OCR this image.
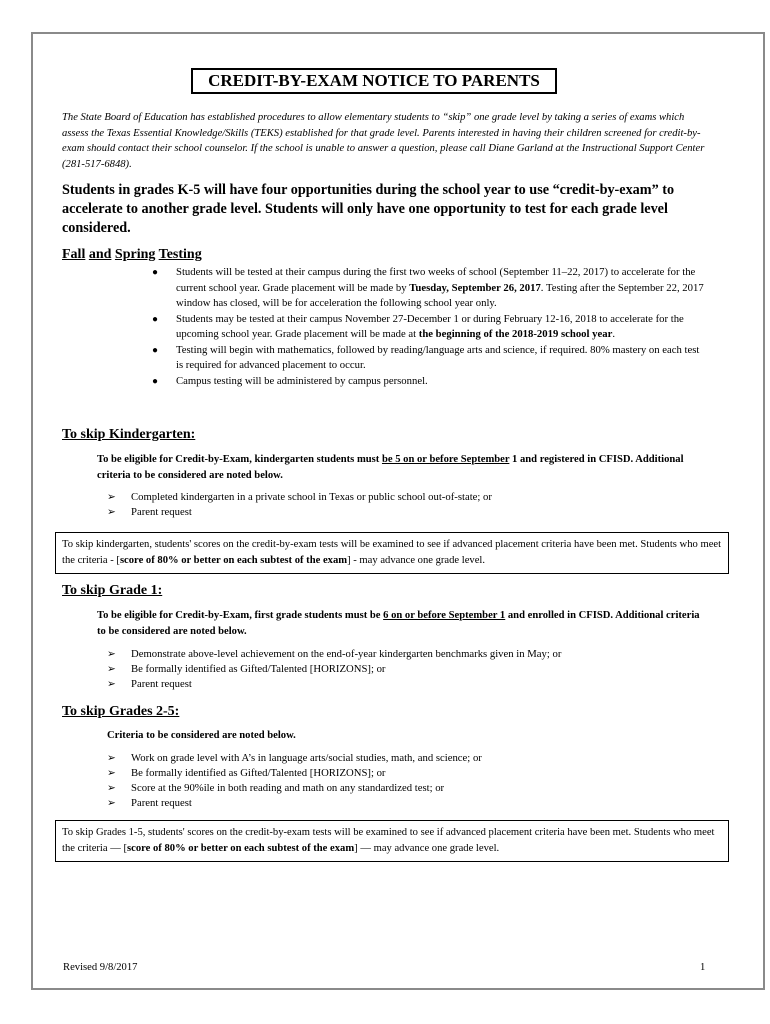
CREDIT-BY-EXAM NOTICE TO PARENTS
The State Board of Education has established procedures to allow elementary students to “skip” one grade level by taking a series of exams which assess the Texas Essential Knowledge/Skills (TEKS) established for that grade level. Parents interested in having their children screened for credit-by-exam should contact their school counselor. If the school is unable to answer a question, please call Diane Garland at the Instructional Support Center (281-517-6848).
Students in grades K-5 will have four opportunities during the school year to use “credit-by-exam” to accelerate to another grade level. Students will only have one opportunity to test for each grade level considered.
Fall and Spring Testing
● Students will be tested at their campus during the first two weeks of school (September 11–22, 2017) to accelerate for the current school year. Grade placement will be made by Tuesday, September 26, 2017. Testing after the September 22, 2017 window has closed, will be for acceleration the following school year only.
● Students may be tested at their campus November 27-December 1 or during February 12-16, 2018 to accelerate for the upcoming school year. Grade placement will be made at the beginning of the 2018-2019 school year.
● Testing will begin with mathematics, followed by reading/language arts and science, if required. 80% mastery on each test is required for advanced placement to occur.
● Campus testing will be administered by campus personnel.
To skip Kindergarten:
To be eligible for Credit-by-Exam, kindergarten students must be 5 on or before September 1 and registered in CFISD. Additional criteria to be considered are noted below.
➢ Completed kindergarten in a private school in Texas or public school out-of-state; or
➢ Parent request
To skip kindergarten, students' scores on the credit-by-exam tests will be examined to see if advanced placement criteria have been met. Students who meet the criteria - [score of 80% or better on each subtest of the exam] - may advance one grade level.
To skip Grade 1:
To be eligible for Credit-by-Exam, first grade students must be 6 on or before September 1 and enrolled in CFISD. Additional criteria to be considered are noted below.
➢ Demonstrate above-level achievement on the end-of-year kindergarten benchmarks given in May; or
➢ Be formally identified as Gifted/Talented [HORIZONS]; or
➢ Parent request
To skip Grades 2-5:
Criteria to be considered are noted below.
➢ Work on grade level with A’s in language arts/social studies, math, and science; or
➢ Be formally identified as Gifted/Talented [HORIZONS]; or
➢ Score at the 90%ile in both reading and math on any standardized test; or
➢ Parent request
To skip Grades 1-5, students' scores on the credit-by-exam tests will be examined to see if advanced placement criteria have been met. Students who meet the criteria — [score of 80% or better on each subtest of the exam] — may advance one grade level.
Revised 9/8/2017	1
